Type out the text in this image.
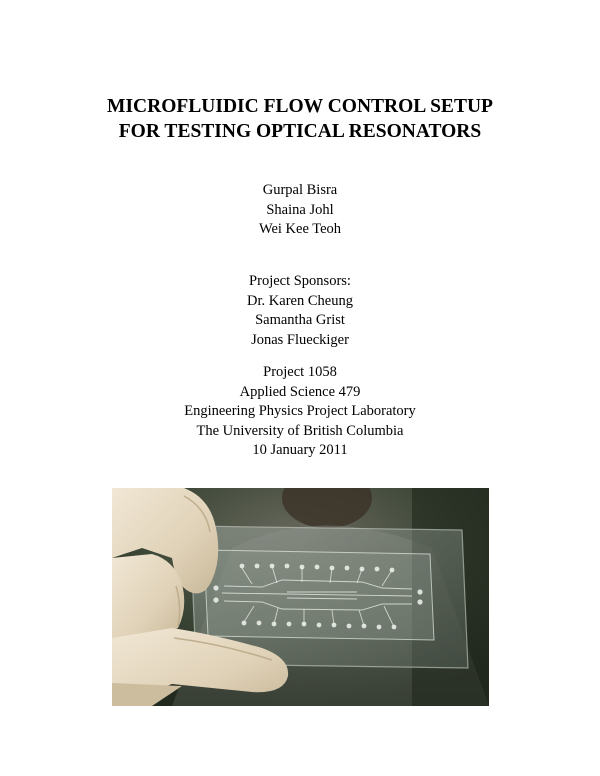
MICROFLUIDIC FLOW CONTROL SETUP
FOR TESTING OPTICAL RESONATORS
Gurpal Bisra
Shaina Johl
Wei Kee Teoh
Project Sponsors:
Dr. Karen Cheung
Samantha Grist
Jonas Flueckiger
Project 1058
Applied Science 479
Engineering Physics Project Laboratory
The University of British Columbia
10 January 2011
